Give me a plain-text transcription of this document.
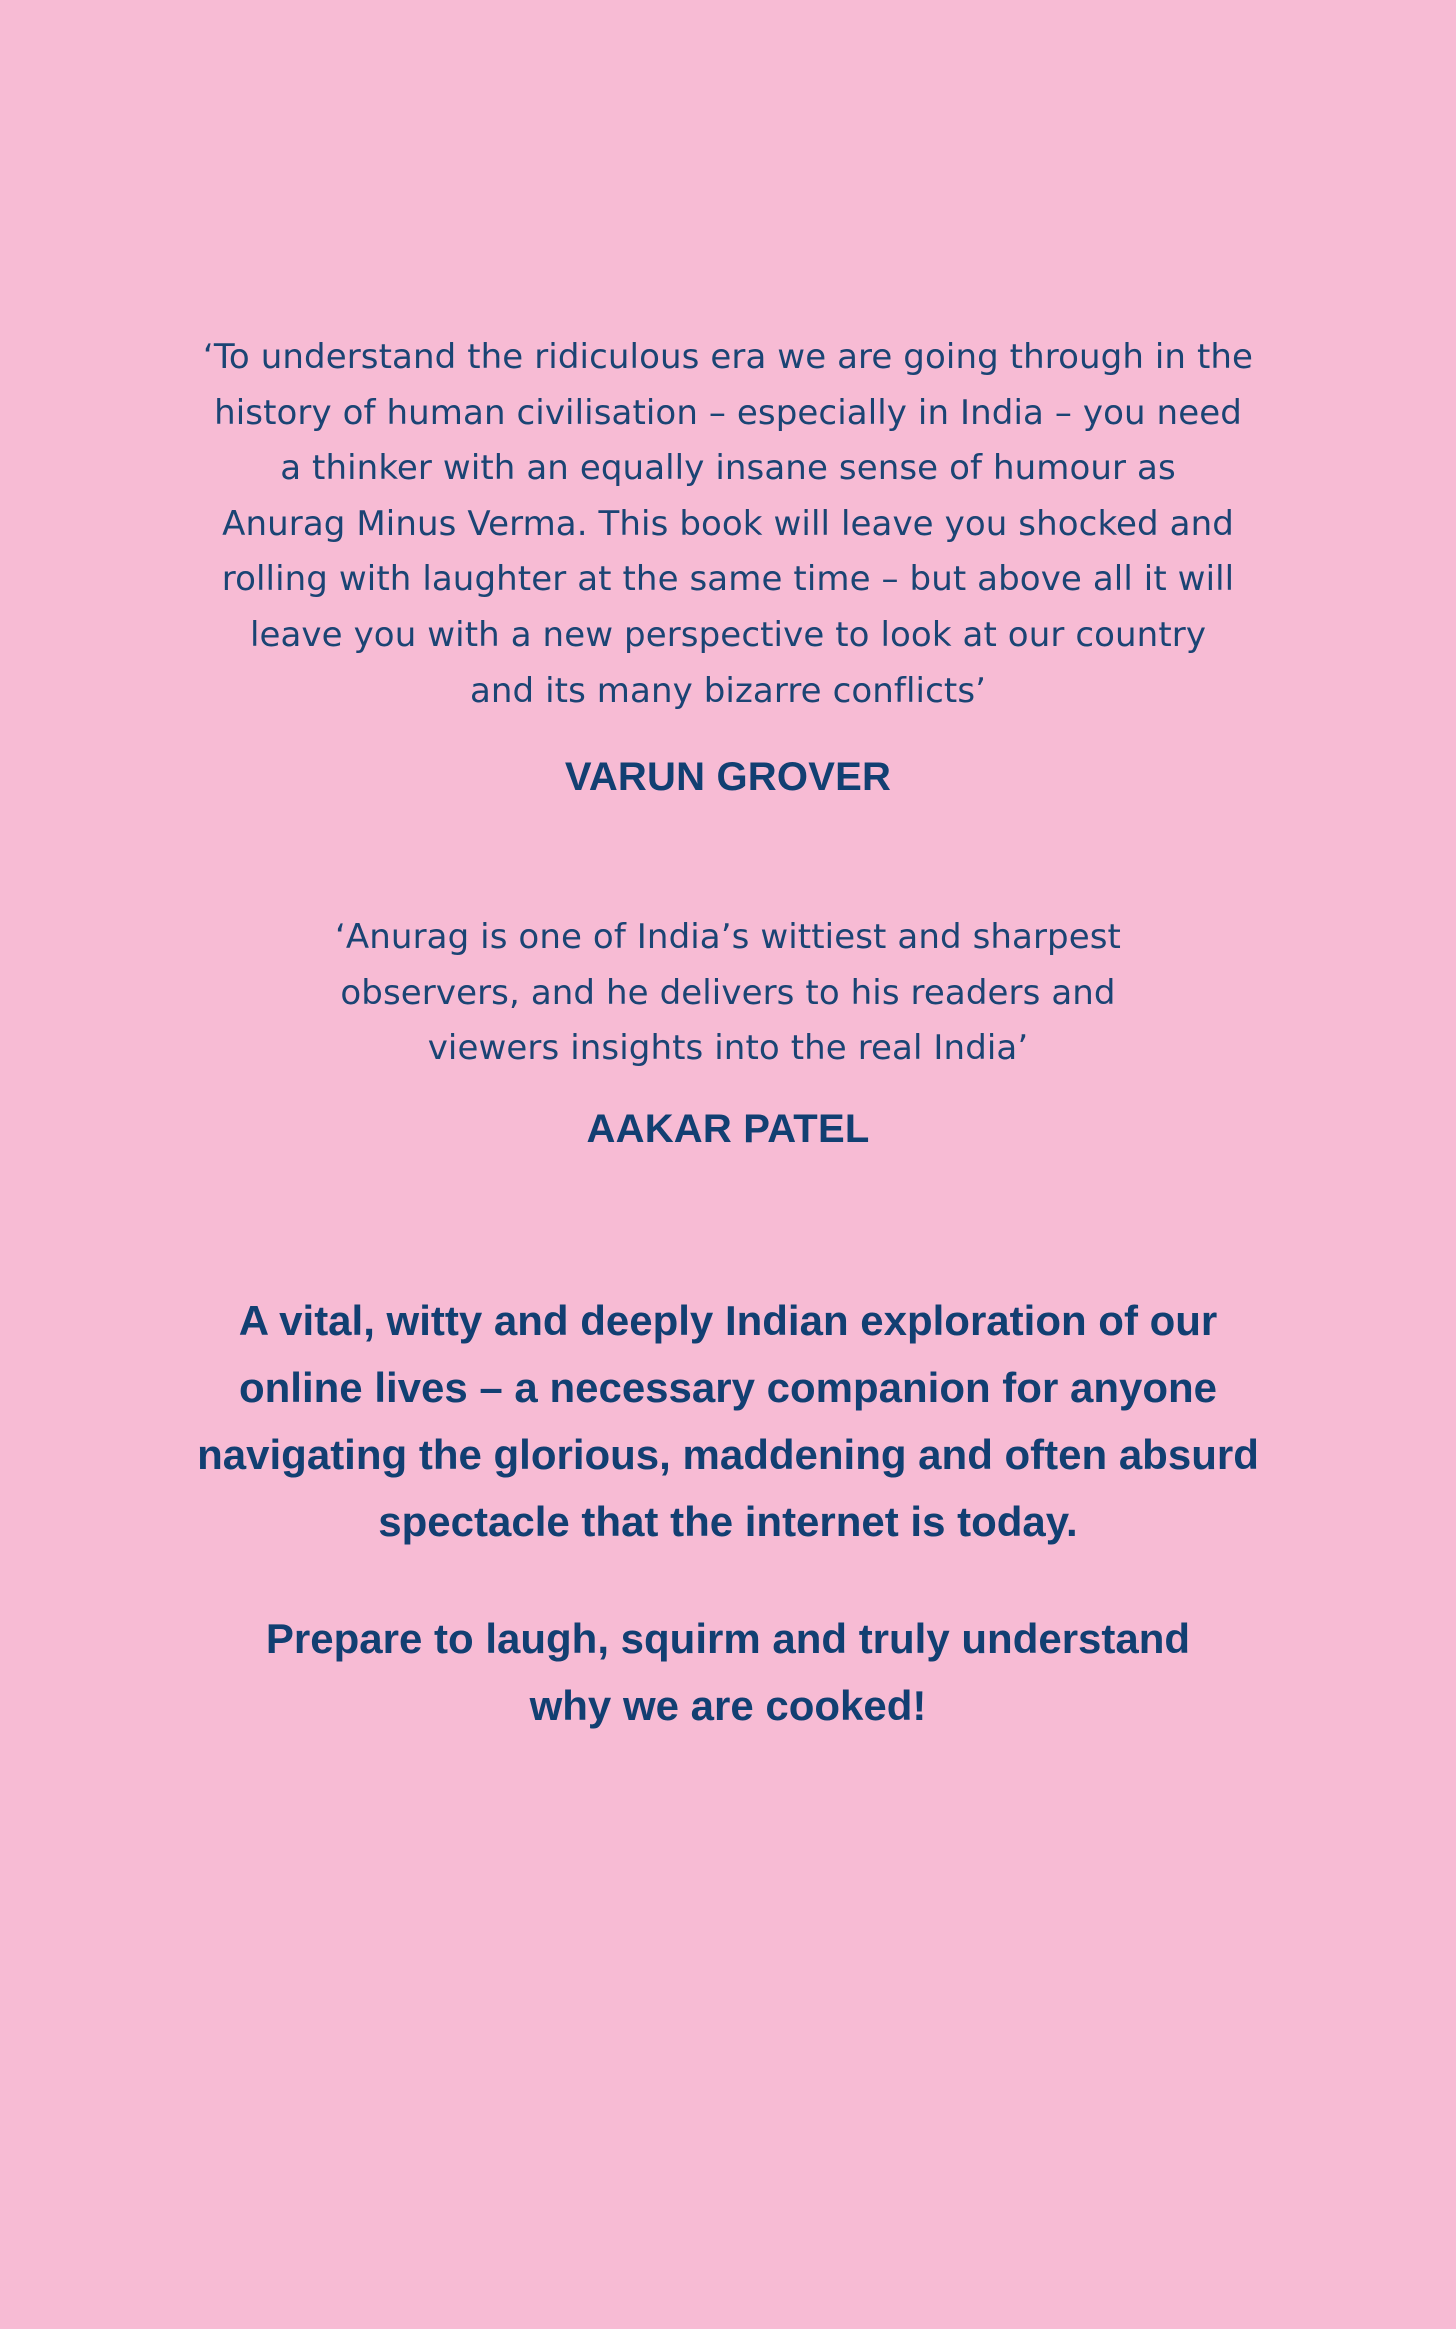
‘To understand the ridiculous era we are going through in the
history of human civilisation – especially in India – you need
a thinker with an equally insane sense of humour as
Anurag Minus Verma. This book will leave you shocked and
rolling with laughter at the same time – but above all it will
leave you with a new perspective to look at our country
and its many bizarre conflicts’

VARUN GROVER

‘Anurag is one of India’s wittiest and sharpest
observers, and he delivers to his readers and
viewers insights into the real India’

AAKAR PATEL

A vital, witty and deeply Indian exploration of our
online lives – a necessary companion for anyone
navigating the glorious, maddening and often absurd
spectacle that the internet is today.

Prepare to laugh, squirm and truly understand
why we are cooked!
